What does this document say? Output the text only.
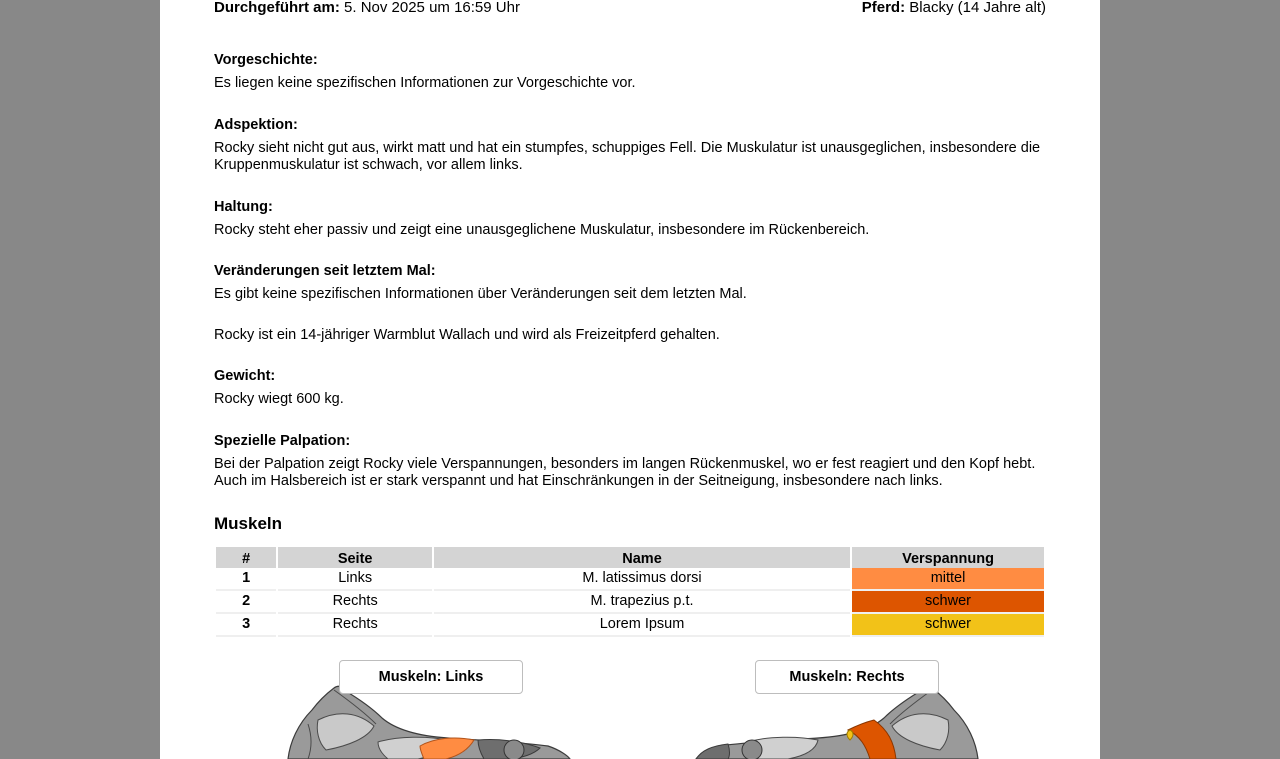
Durchgeführt am: 5. Nov 2025 um 16:59 Uhr	Pferd: Blacky (14 Jahre alt)
Vorgeschichte:
Es liegen keine spezifischen Informationen zur Vorgeschichte vor.
Adspektion:
Rocky sieht nicht gut aus, wirkt matt und hat ein stumpfes, schuppiges Fell. Die Muskulatur ist unausgeglichen, insbesondere die Kruppenmuskulatur ist schwach, vor allem links.
Haltung:
Rocky steht eher passiv und zeigt eine unausgeglichene Muskulatur, insbesondere im Rückenbereich.
Veränderungen seit letztem Mal:
Es gibt keine spezifischen Informationen über Veränderungen seit dem letzten Mal.
Rocky ist ein 14-jähriger Warmblut Wallach und wird als Freizeitpferd gehalten.
Gewicht:
Rocky wiegt 600 kg.
Spezielle Palpation:
Bei der Palpation zeigt Rocky viele Verspannungen, besonders im langen Rückenmuskel, wo er fest reagiert und den Kopf hebt. Auch im Halsbereich ist er stark verspannt und hat Einschränkungen in der Seitneigung, insbesondere nach links.
Muskeln
#	Seite	Name	Verspannung
1	Links	M. latissimus dorsi	mittel
2	Rechts	M. trapezius p.t.	schwer
3	Rechts	Lorem Ipsum	schwer
Muskeln: Links	Muskeln: Rechts
